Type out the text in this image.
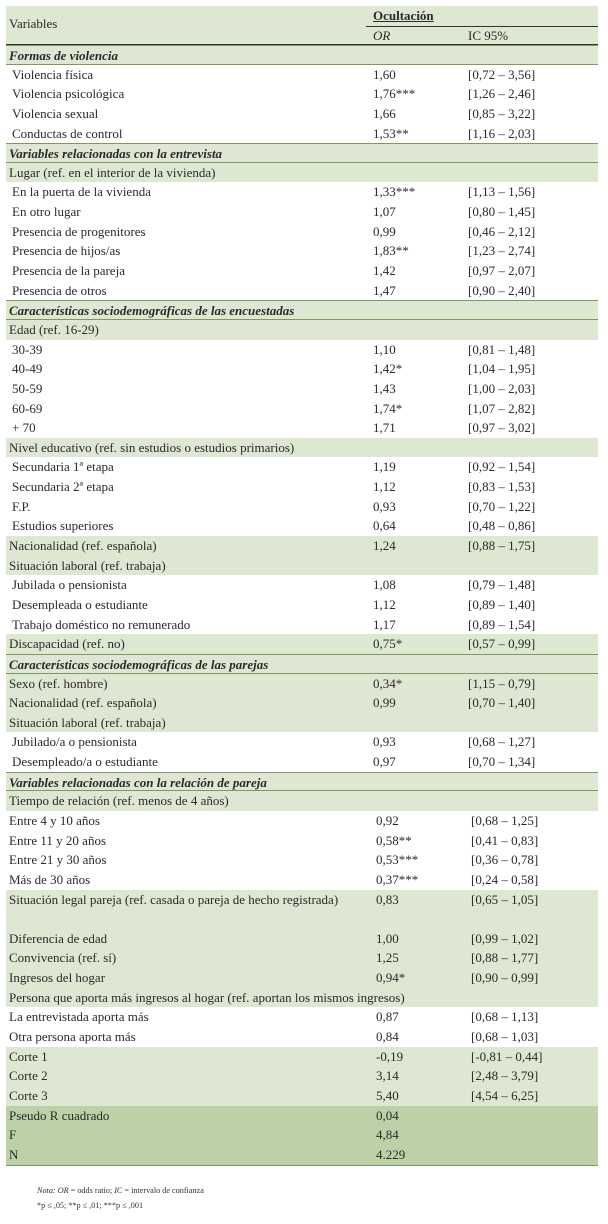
Variables
Ocultación
OR	IC 95%
Formas de violencia
Violencia física	1,60	[0,72 – 3,56]
Violencia psicológica	1,76***	[1,26 – 2,46]
Violencia sexual	1,66	[0,85 – 3,22]
Conductas de control	1,53**	[1,16 – 2,03]
Variables relacionadas con la entrevista
Lugar (ref. en el interior de la vivienda)
En la puerta de la vivienda	1,33***	[1,13 – 1,56]
En otro lugar	1,07	[0,80 – 1,45]
Presencia de progenitores	0,99	[0,46 – 2,12]
Presencia de hijos/as	1,83**	[1,23 – 2,74]
Presencia de la pareja	1,42	[0,97 – 2,07]
Presencia de otros	1,47	[0,90 – 2,40]
Características sociodemográficas de las encuestadas
Edad (ref. 16-29)
30-39	1,10	[0,81 – 1,48]
40-49	1,42*	[1,04 – 1,95]
50-59	1,43	[1,00 – 2,03]
60-69	1,74*	[1,07 – 2,82]
+ 70	1,71	[0,97 – 3,02]
Nivel educativo (ref. sin estudios o estudios primarios)
Secundaria 1ª etapa	1,19	[0,92 – 1,54]
Secundaria 2ª etapa	1,12	[0,83 – 1,53]
F.P.	0,93	[0,70 – 1,22]
Estudios superiores	0,64	[0,48 – 0,86]
Nacionalidad (ref. española)	1,24	[0,88 – 1,75]
Situación laboral (ref. trabaja)
Jubilada o pensionista	1,08	[0,79 – 1,48]
Desempleada o estudiante	1,12	[0,89 – 1,40]
Trabajo doméstico no remunerado	1,17	[0,89 – 1,54]
Discapacidad (ref. no)	0,75*	[0,57 – 0,99]
Características sociodemográficas de las parejas
Sexo (ref. hombre)	0,34*	[1,15 – 0,79]
Nacionalidad (ref. española)	0,99	[0,70 – 1,40]
Situación laboral (ref. trabaja)
Jubilado/a o pensionista	0,93	[0,68 – 1,27]
Desempleado/a o estudiante	0,97	[0,70 – 1,34]
Variables relacionadas con la relación de pareja
Tiempo de relación (ref. menos de 4 años)
Entre 4 y 10 años	0,92	[0,68 – 1,25]
Entre 11 y 20 años	0,58**	[0,41 – 0,83]
Entre 21 y 30 años	0,53***	[0,36 – 0,78]
Más de 30 años	0,37***	[0,24 – 0,58]
Situación legal pareja (ref. casada o pareja de hecho registrada)	0,83	[0,65 – 1,05]
Diferencia de edad	1,00	[0,99 – 1,02]
Convivencia (ref. sí)	1,25	[0,88 – 1,77]
Ingresos del hogar	0,94*	[0,90 – 0,99]
Persona que aporta más ingresos al hogar (ref. aportan los mismos ingresos)
La entrevistada aporta más	0,87	[0,68 – 1,13]
Otra persona aporta más	0,84	[0,68 – 1,03]
Corte 1	-0,19	[-0,81 – 0,44]
Corte 2	3,14	[2,48 – 3,79]
Corte 3	5,40	[4,54 – 6,25]
Pseudo R cuadrado	0,04
F	4,84
N	4.229
Nota: OR = odds ratio; IC = intervalo de confianza
*p ≤ ,05; **p ≤ ,01; ***p ≤ ,001
